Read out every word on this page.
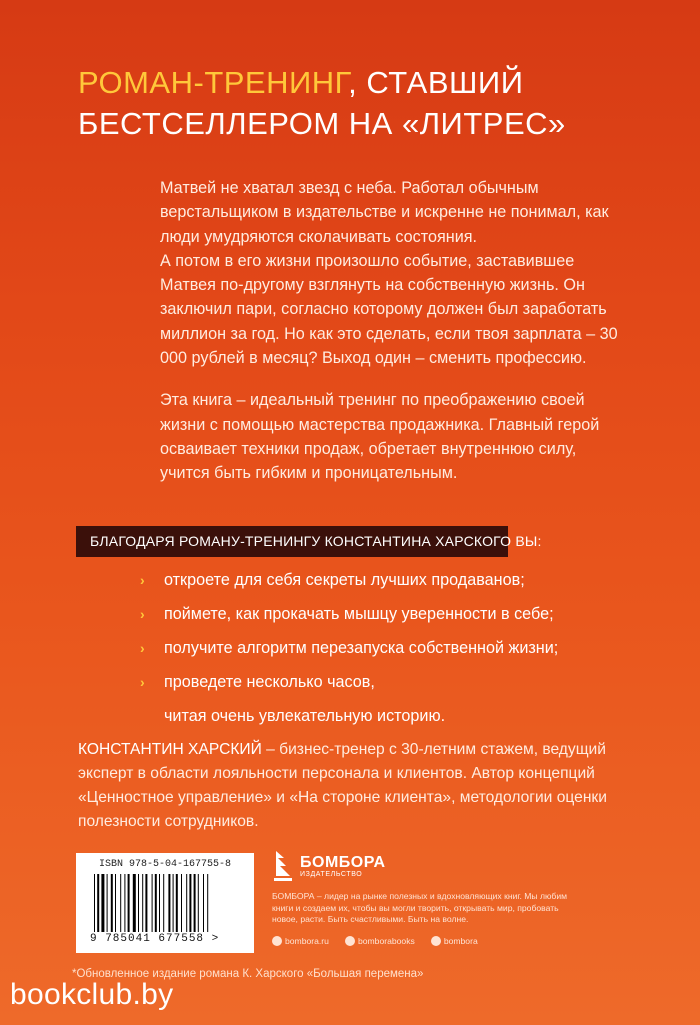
РОМАН-ТРЕНИНГ, СТАВШИЙ
БЕСТСЕЛЛЕРОМ НА «ЛИТРЕС»

Матвей не хватал звезд с неба. Работал обычным верстальщиком в издательстве и искренне не понимал, как люди умудряются сколачивать состояния.

А потом в его жизни произошло событие, заставившее Матвея по-другому взглянуть на собственную жизнь. Он заключил пари, согласно которому должен был заработать миллион за год. Но как это сделать, если твоя зарплата – 30 000 рублей в месяц? Выход один – сменить профессию.

Эта книга – идеальный тренинг по преображению своей жизни с помощью мастерства продажника. Главный герой осваивает техники продаж, обретает внутреннюю силу, учится быть гибким и проницательным.

БЛАГОДАРЯ РОМАНУ-ТРЕНИНГУ КОНСТАНТИНА ХАРСКОГО ВЫ:
› откроете для себя секреты лучших продаванов;
› поймете, как прокачать мышцу уверенности в себе;
› получите алгоритм перезапуска собственной жизни;
› проведете несколько часов,
читая очень увлекательную историю.
КОНСТАНТИН ХАРСКИЙ – бизнес-тренер с 30-летним стажем, ведущий эксперт в области лояльности персонала и клиентов. Автор концепций «Ценностное управление» и «На стороне клиента», методологии оценки полезности сотрудников.
ISBN 978-5-04-167755-8
9 785041 677558 >
БОМБОРА
ИЗДАТЕЛЬСТВО
БОМБОРА – лидер на рынке полезных и вдохновляющих книг. Мы любим книги и создаем их, чтобы вы могли творить, открывать мир, пробовать новое, расти. Быть счастливыми. Быть на волне.
bombora.ru	bomborabooks	bombora
*Обновленное издание романа К. Харского «Большая перемена»
bookclub.by
